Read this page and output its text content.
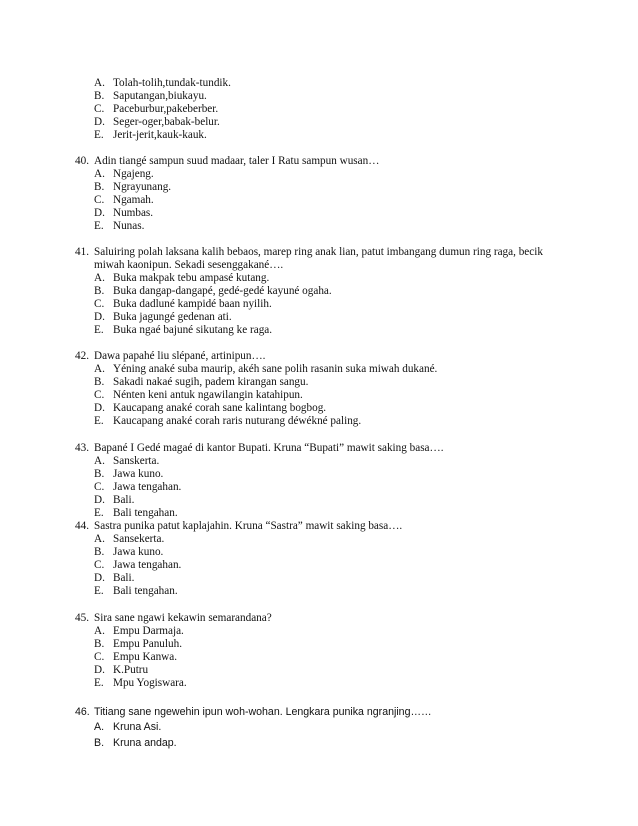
A. Tolah-tolih,tundak-tundik.
B. Saputangan,biukayu.
C. Paceburbur,pakeberber.
D. Seger-oger,babak-belur.
E. Jerit-jerit,kauk-kauk.
40. Adin tiangé sampun suud madaar, taler I Ratu sampun wusan…
A. Ngajeng.
B. Ngrayunang.
C. Ngamah.
D. Numbas.
E. Nunas.
41. Saluiring polah laksana kalih bebaos, marep ring anak lian, patut imbangang dumun ring raga, becik
miwah kaonipun. Sekadi sesenggakané….
A. Buka makpak tebu ampasé kutang.
B. Buka dangap-dangapé, gedé-gedé kayuné ogaha.
C. Buka dadluné kampidé baan nyilih.
D. Buka jagungé gedenan ati.
E. Buka ngaé bajuné sikutang ke raga.
42. Dawa papahé liu slépané, artinipun….
A. Yéning anaké suba maurip, akéh sane polih rasanin suka miwah dukané.
B. Sakadi nakaé sugih, padem kirangan sangu.
C. Nénten keni antuk ngawilangin katahipun.
D. Kaucapang anaké corah sane kalintang bogbog.
E. Kaucapang anaké corah raris nuturang déwékné paling.
43. Bapané I Gedé magaé di kantor Bupati. Kruna “Bupati” mawit saking basa….
A. Sanskerta.
B. Jawa kuno.
C. Jawa tengahan.
D. Bali.
E. Bali tengahan.
44. Sastra punika patut kaplajahin. Kruna “Sastra” mawit saking basa….
A. Sansekerta.
B. Jawa kuno.
C. Jawa tengahan.
D. Bali.
E. Bali tengahan.
45. Sira sane ngawi kekawin semarandana?
A. Empu Darmaja.
B. Empu Panuluh.
C. Empu Kanwa.
D. K.Putru
E. Mpu Yogiswara.
46. Titiang sane ngewehin ipun woh-wohan. Lengkara punika ngranjing……
A. Kruna Asi.
B. Kruna andap.
